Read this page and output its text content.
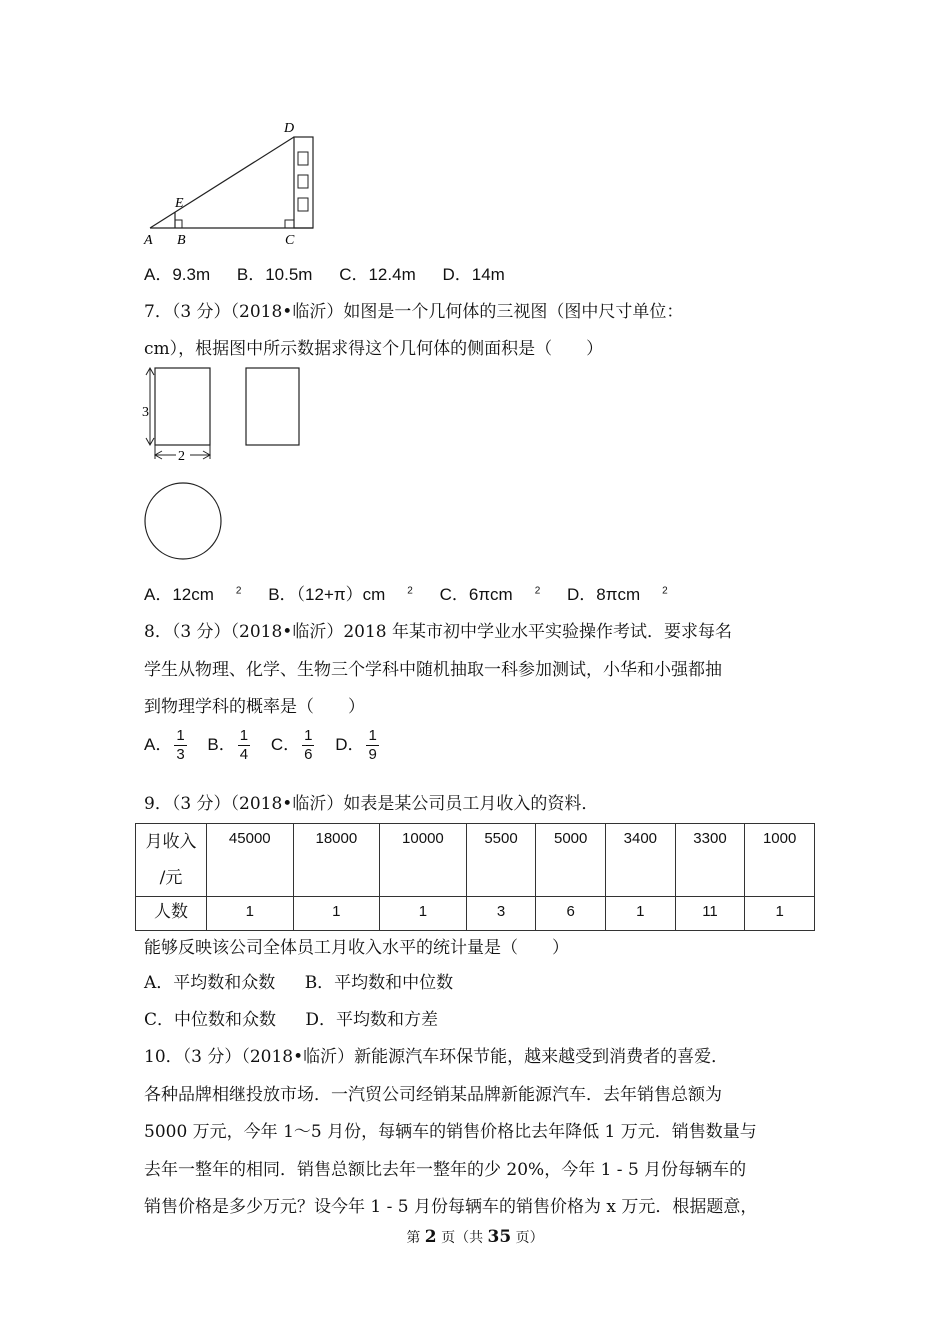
D
E
A B	C
A．9.3m B．10.5m C．12.4m D．14m
7．（3 分）（2018•临沂）如图是一个几何体的三视图（图中尺寸单位：
cm），根据图中所示数据求得这个几何体的侧面积是（　　）
3
2
A．12cm $^2$ B．（12+π）cm $^2$ C．6πcm $^2$ D．8πcm $^2$
8．（3 分）（2018•临沂）2018 年某市初中学业水平实验操作考试．要求每名
学生从物理、化学、生物三个学科中随机抽取一科参加测试，小华和小强都抽
到物理学科的概率是（　　）
A． $\frac{1}{3}$ B． $\frac{1}{4}$ C． $\frac{1}{6}$ D． $\frac{1}{9}$
9．（3 分）（2018•临沂）如表是某公司员工月收入的资料．
月收入
/元	45000	18000	10000	5500	5000	3400	3300	1000
人数	1	1	1	3	6	1	11	1
能够反映该公司全体员工月收入水平的统计量是（　　）
A．平均数和众数 B．平均数和中位数
C．中位数和众数 D．平均数和方差
10．（3 分）（2018•临沂）新能源汽车环保节能，越来越受到消费者的喜爱．
各种品牌相继投放市场．一汽贸公司经销某品牌新能源汽车．去年销售总额为
5000 万元，今年 1～5 月份，每辆车的销售价格比去年降低 1 万元．销售数量与
去年一整年的相同．销售总额比去年一整年的少 20%，今年 1 - 5 月份每辆车的
销售价格是多少万元？设今年 1 - 5 月份每辆车的销售价格为 x 万元．根据题意，
第 2 页（共 35 页）
